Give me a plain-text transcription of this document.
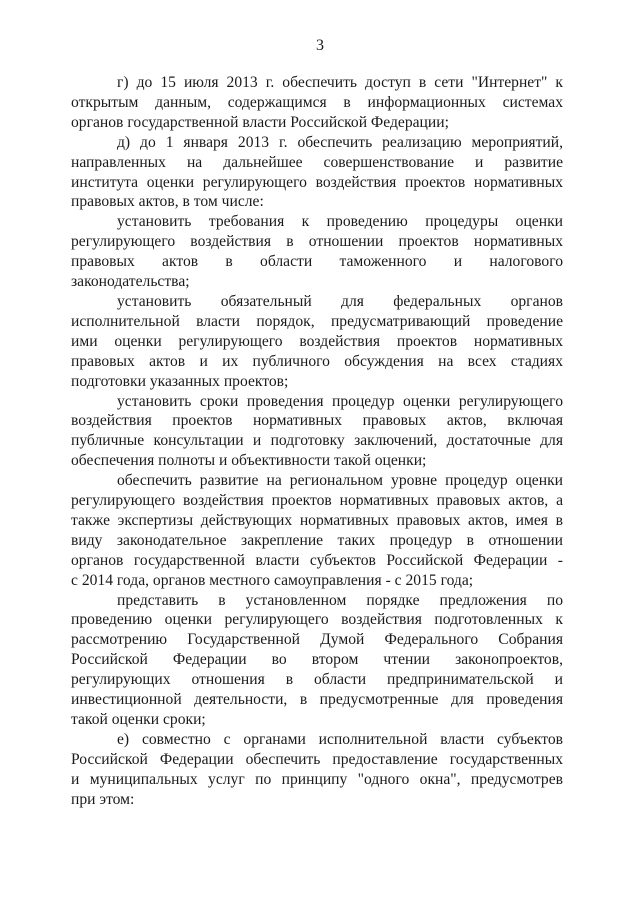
3
г) до 15 июля 2013 г. обеспечить доступ в сети "Интернет" к
открытым данным, содержащимся в информационных системах
органов государственной власти Российской Федерации;
д) до 1 января 2013 г. обеспечить реализацию мероприятий,
направленных на дальнейшее совершенствование и развитие
института оценки регулирующего воздействия проектов нормативных
правовых актов, в том числе:
установить требования к проведению процедуры оценки
регулирующего воздействия в отношении проектов нормативных
правовых актов в области таможенного и налогового
законодательства;
установить обязательный для федеральных органов
исполнительной власти порядок, предусматривающий проведение
ими оценки регулирующего воздействия проектов нормативных
правовых актов и их публичного обсуждения на всех стадиях
подготовки указанных проектов;
установить сроки проведения процедур оценки регулирующего
воздействия проектов нормативных правовых актов, включая
публичные консультации и подготовку заключений, достаточные для
обеспечения полноты и объективности такой оценки;
обеспечить развитие на региональном уровне процедур оценки
регулирующего воздействия проектов нормативных правовых актов, а
также экспертизы действующих нормативных правовых актов, имея в
виду законодательное закрепление таких процедур в отношении
органов государственной власти субъектов Российской Федерации -
с 2014 года, органов местного самоуправления - с 2015 года;
представить в установленном порядке предложения по
проведению оценки регулирующего воздействия подготовленных к
рассмотрению Государственной Думой Федерального Собрания
Российской Федерации во втором чтении законопроектов,
регулирующих отношения в области предпринимательской и
инвестиционной деятельности, в предусмотренные для проведения
такой оценки сроки;
е) совместно с органами исполнительной власти субъектов
Российской Федерации обеспечить предоставление государственных
и муниципальных услуг по принципу "одного окна", предусмотрев
при этом:
